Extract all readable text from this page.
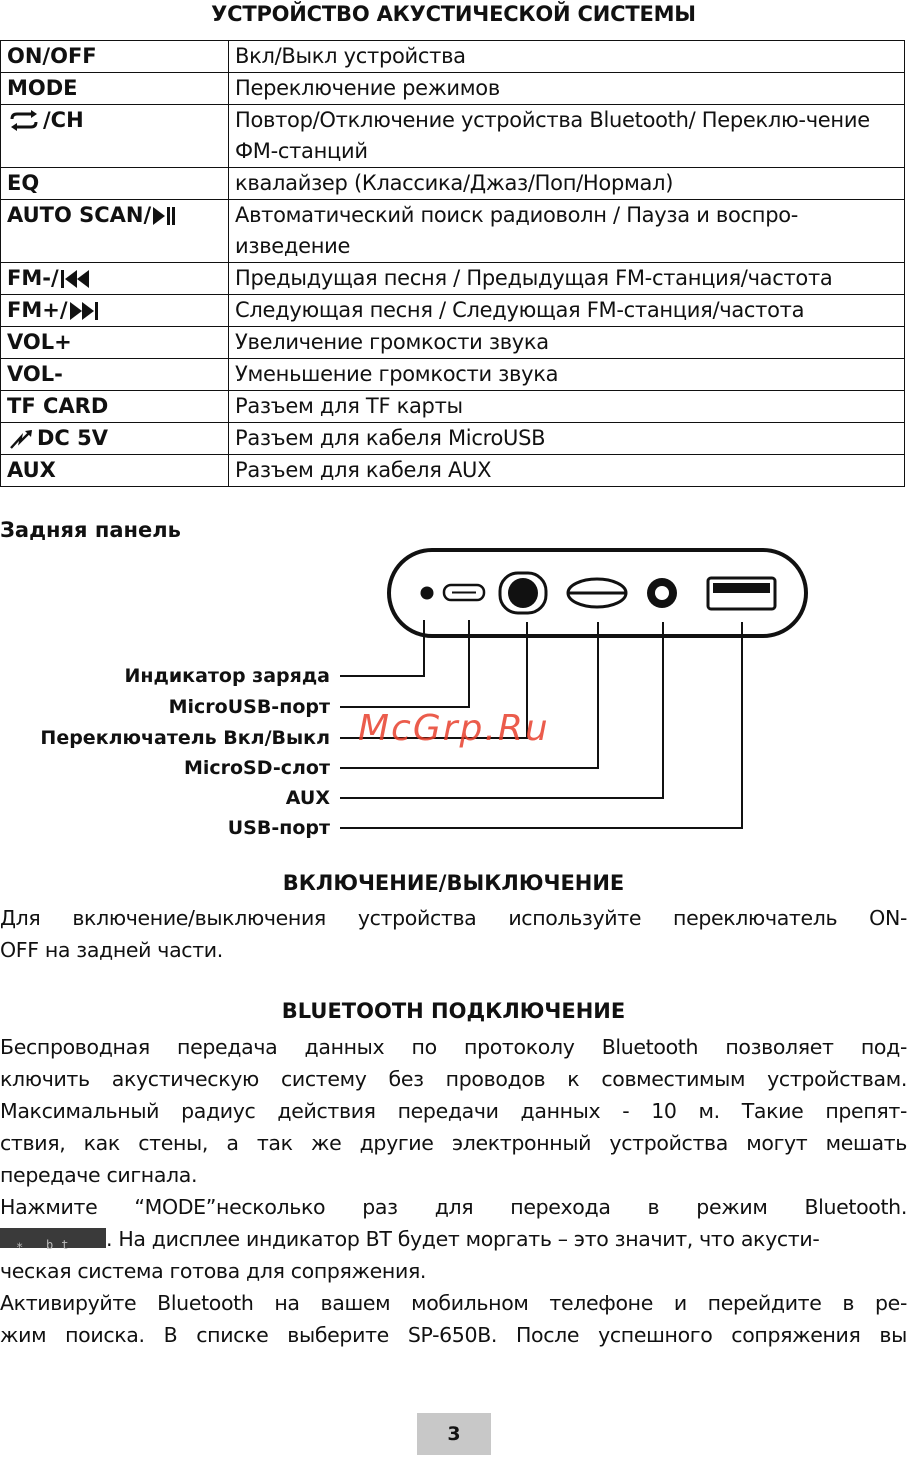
УСТРОЙСТВО АКУСТИЧЕСКОЙ СИСТЕМЫ
ON/OFF	Вкл/Выкл устройства
MODE	Переключение режимов
/CH	Повтор/Отключение устройства Bluetooth/ Переклю-чение ФМ-станций
EQ	квалайзер (Классика/Джаз/Поп/Нормал)
AUTO SCAN/	Автоматический поиск радиоволн / Пауза и воспро-изведение
FM-/	Предыдущая песня / Предыдущая FM-станция/частота
FM+/	Следующая песня / Следующая FM-станция/частота
VOL+	Увеличение громкости звука
VOL-	Уменьшение громкости звука
TF CARD	Разъем для TF карты
DC 5V	Разъем для кабеля MicroUSB
AUX	Разъем для кабеля AUX
Задняя панель
Индикатор заряда
MicroUSB-порт
Переключатель Вкл/Выкл
MicroSD-слот
AUX
USB-порт
McGrp.Ru
ВКЛЮЧЕНИЕ/ВЫКЛЮЧЕНИЕ
Для включение/выключения устройства используйте переключатель ON-
OFF на задней части.
BLUETOOTH ПОДКЛЮЧЕНИЕ
Беспроводная передача данных по протоколу Bluetooth позволяет под-
ключить акустическую систему без проводов к совместимым устройствам.
Максимальный радиус действия передачи данных - 10 м. Такие препят-
ствия, как стены, а так же другие электронный устройства могут мешать
передаче сигнала.
Нажмите “MODE”несколько раз для перехода в режим Bluetooth.
∗ bt . На дисплее индикатор BT будет моргать – это значит, что акусти-
ческая система готова для сопряжения.
Активируйте Bluetooth на вашем мобильном телефоне и перейдите в ре-
жим поиска. В списке выберите SP-650B. После успешного сопряжения вы
3
